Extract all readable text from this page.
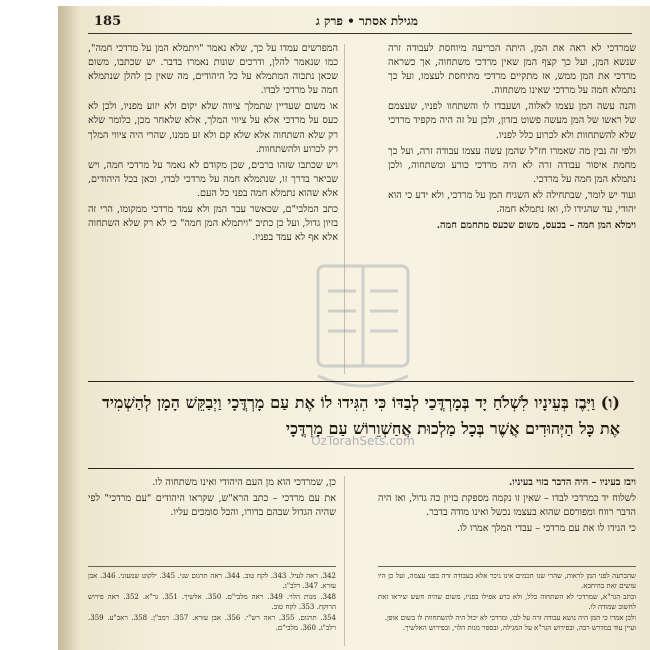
185	מגילת אסתר • פרק ג

שמרדכי לא ראה את המן, היתה הכריעה מיוחסת לעבודה זרה שנשא המן, ועל כך קצף המן שאין מרדכי משתחוה, אך כשראה מרדכי את המן ממש, אז מתקיים מרדכי מתיחסת לעצמו, ועל כך נתמלא חמה על מרדכי שאינו משתחוה.

והנה עשה המן עצמו לאלוה, ושעבדו לו והשתחוו לפניו, שעצמם של ראשו של המן מעשה פשוט בזדון, ולכן על זה היה מקפיד מרדכי שלא להשתחוות ולא לכרוע כלל לפניו.

ולפי זה נבין מה שאמרו חז"ל שהמן עשה עצמו עבודה זרה, ועל כך מחמת איסור עבודה זרה לא היה מרדכי כורע ומשתחוה, ולכן נתמלא המן חמה על מרדכי.

ועוד יש לומר, שבתחילה לא השגיח המן על מרדכי, ולא ידע כי הוא יהודי, עד שהגידו לו, ואז נתמלא חמה.

וימלא המן חמה – בכעס, משום שכעס מתחמם חמה.

המפרשים עמדו על כך, שלא נאמר "ויתמלא המן על מרדכי חמה", כמו שנאמר להלן, ודרכים שונות נאמרו בדבר. יש שכתבו, משום שכאן נתכוה המתמלא על כל היהודים, מה שאין כן להלן שנתמלא חמה על מרדכי לבדו.

או משום שעדיין שתמלך ציווה שלא יקום ולא יזוע מפניו, ולכן לא כעס על מרדכי אלא על ציווי המלך, אלא שלאחר מכן, כלומר שלא רק שלא השתחוה אלא שלא קם ולא זע ממנו, שהרי היה ציווי המלך רק לכרוע ולהשתחוות.

ויש שכתבו שזהו ברבים, שכן מקודם לא נאמר על מרדכי חמה, ויש שביאר בדרך זו, שנתמלא חמה על מרדכי לבדו, וכאן בכל היהודים, אלא שהוא נתמלא חמה בפני כל העם.

כתב המלבי"ם, שכאשר עבר המן ולא עמד מרדכי ממקומו, הרי זה בזיון גדול, ועל כן כתיב "ויתמלא המן חמה" כי לא רק שלא השתחוה אלא אף לא עמד בפניו.

OzTorahSets.com
(ו) וַיִּבֶז בְּעֵינָיו לִשְׁלֹחַ יָד בְּמָרְדֳּכַי לְבַדּוֹ כִּי הִגִּידוּ לוֹ אֶת עַם מָרְדֳּכָי וַיְבַקֵּשׁ הָמָן לְהַשְׁמִיד אֶת כָּל הַיְּהוּדִים אֲשֶׁר בְּכָל מַלְכוּת אֲחַשְׁוֵרוֹשׁ עַם מָרְדֳּכָי

ויבז בעיניו – היה הדבר בזוי בעיניו.

לשלוח יד במרדכי לבדו – שאין זו נקמה מספקת בזיון כה גדול, ואז היה הדבר רווח ומפורסם שהוא בעצמו נכשל ואינו מודה בדבר.

כי הגידו לו את עם מרדכי – עבדי המלך אמרו לו.

כן, שמרדכי הוא מן העם היהודי ואינו משתחוה לו.

את עם מרדכי – כתב הרא"ש, שקראו היהודים "עם מרדכי" לפי שהיה הגדול שבהם בדורו, והכל סומכים עליו.

שהכרעה לפני המן לראות, שהרי שנו חכמים אינו ניכר אלא בעבודה זרה בפני עצמה, ועל כן היו עושים זאת בהיחבא.
וכתב הגר"א, שמרדכי לא השתחוה כלל, ולא כרע אפילו בפניו, משום שהיה חשש שיראו זאת לחשוב שמודה לו.
ולכן אמרו כי המן היה נושא עבודה זרה על לבו, ומרדכי לא יכול היה להשתחוות לו בשום אופן.
ועיין עוד במדרש רבה, ובפירוש הגר"א על המגילה, ובספר מנות הלוי, ובפירוש האלשיך.
342. ראה לעיל. 343. לקח טוב. 344. ראה תרגום שני. 345. ילקוט שמעוני. 346. אבן עזרא. 347. רלב"ג.
348. מנות הלוי. 349. ראה מלבי"ם. 350. אלשיך. 351. גר"א. 352. ראה פירוש הרוקח. 353. לקח טוב.
354. תרגום. 355. ראה רש"י. 356. אבן עזרא. 357. רמב"ן. 358. ראב"ע. 359. רלב"ג. 360. מלבי"ם.
